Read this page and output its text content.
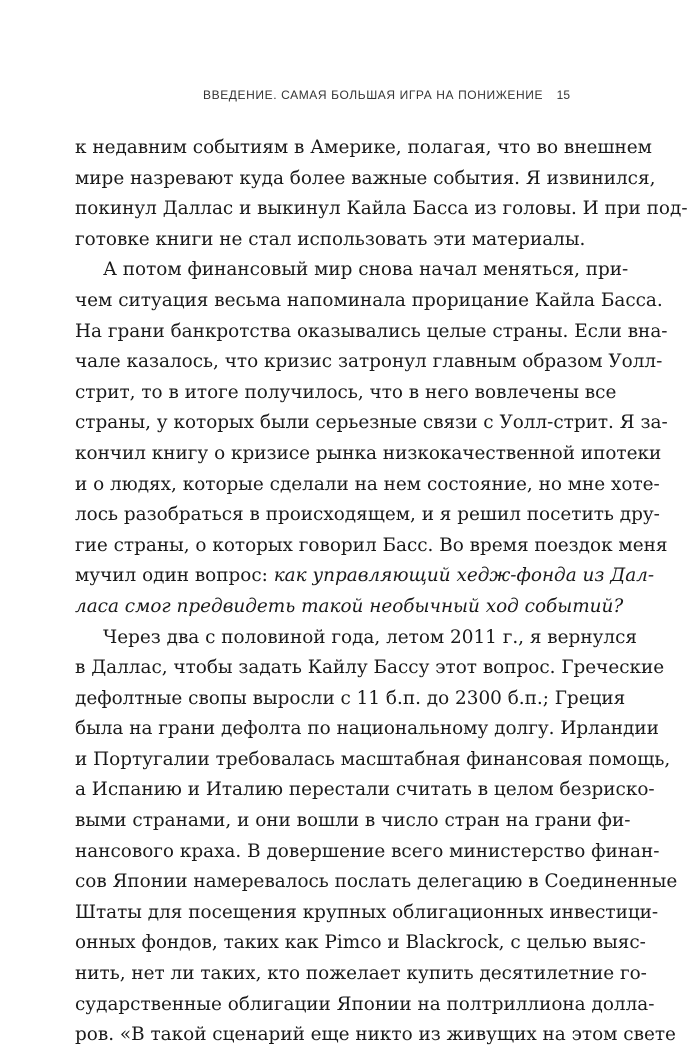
ВВЕДЕНИЕ. САМАЯ БОЛЬШАЯ ИГРА НА ПОНИЖЕНИЕ 15
к недавним событиям в Америке, полагая, что во внешнем
мире назревают куда более важные события. Я извинился,
покинул Даллас и выкинул Кайла Басса из головы. И при под-
готовке книги не стал использовать эти материалы.
А потом финансовый мир снова начал меняться, при-
чем ситуация весьма напоминала прорицание Кайла Басса.
На грани банкротства оказывались целые страны. Если вна-
чале казалось, что кризис затронул главным образом Уолл-
стрит, то в итоге получилось, что в него вовлечены все
страны, у которых были серьезные связи с Уолл-стрит. Я за-
кончил книгу о кризисе рынка низкокачественной ипотеки
и о людях, которые сделали на нем состояние, но мне хоте-
лось разобраться в происходящем, и я решил посетить дру-
гие страны, о которых говорил Басс. Во время поездок меня
мучил один вопрос: как управляющий хедж-фонда из Дал-
ласа смог предвидеть такой необычный ход событий?
Через два с половиной года, летом 2011 г., я вернулся
в Даллас, чтобы задать Кайлу Бассу этот вопрос. Греческие
дефолтные свопы выросли с 11 б.п. до 2300 б.п.; Греция
была на грани дефолта по национальному долгу. Ирландии
и Португалии требовалась масштабная финансовая помощь,
а Испанию и Италию перестали считать в целом безриско-
выми странами, и они вошли в число стран на грани фи-
нансового краха. В довершение всего министерство финан-
сов Японии намеревалось послать делегацию в Соединенные
Штаты для посещения крупных облигационных инвестици-
онных фондов, таких как Pimco и Blackrock, с целью выяс-
нить, нет ли таких, кто пожелает купить десятилетние го-
сударственные облигации Японии на полтриллиона долла-
ров. «В такой сценарий еще никто из живущих на этом свете
